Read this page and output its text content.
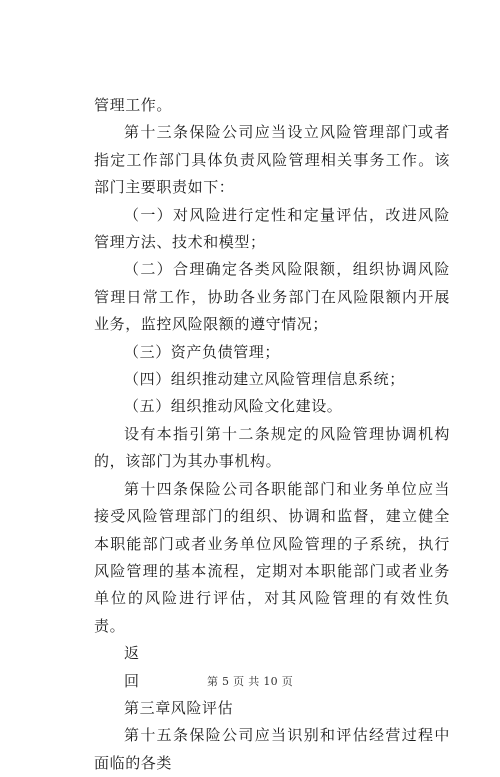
管理工作。

第十三条保险公司应当设立风险管理部门或者指定工作部门具体负责风险管理相关事务工作。该部门主要职责如下：

（一）对风险进行定性和定量评估，改进风险管理方法、技术和模型；

（二）合理确定各类风险限额，组织协调风险管理日常工作，协助各业务部门在风险限额内开展业务，监控风险限额的遵守情况；

（三）资产负债管理；

（四）组织推动建立风险管理信息系统；

（五）组织推动风险文化建设。

设有本指引第十二条规定的风险管理协调机构的，该部门为其办事机构。

第十四条保险公司各职能部门和业务单位应当接受风险管理部门的组织、协调和监督，建立健全本职能部门或者业务单位风险管理的子系统，执行风险管理的基本流程，定期对本职能部门或者业务单位的风险进行评估，对其风险管理的有效性负责。

返

回

第三章风险评估

第十五条保险公司应当识别和评估经营过程中面临的各类

第 5 页 共 10 页
